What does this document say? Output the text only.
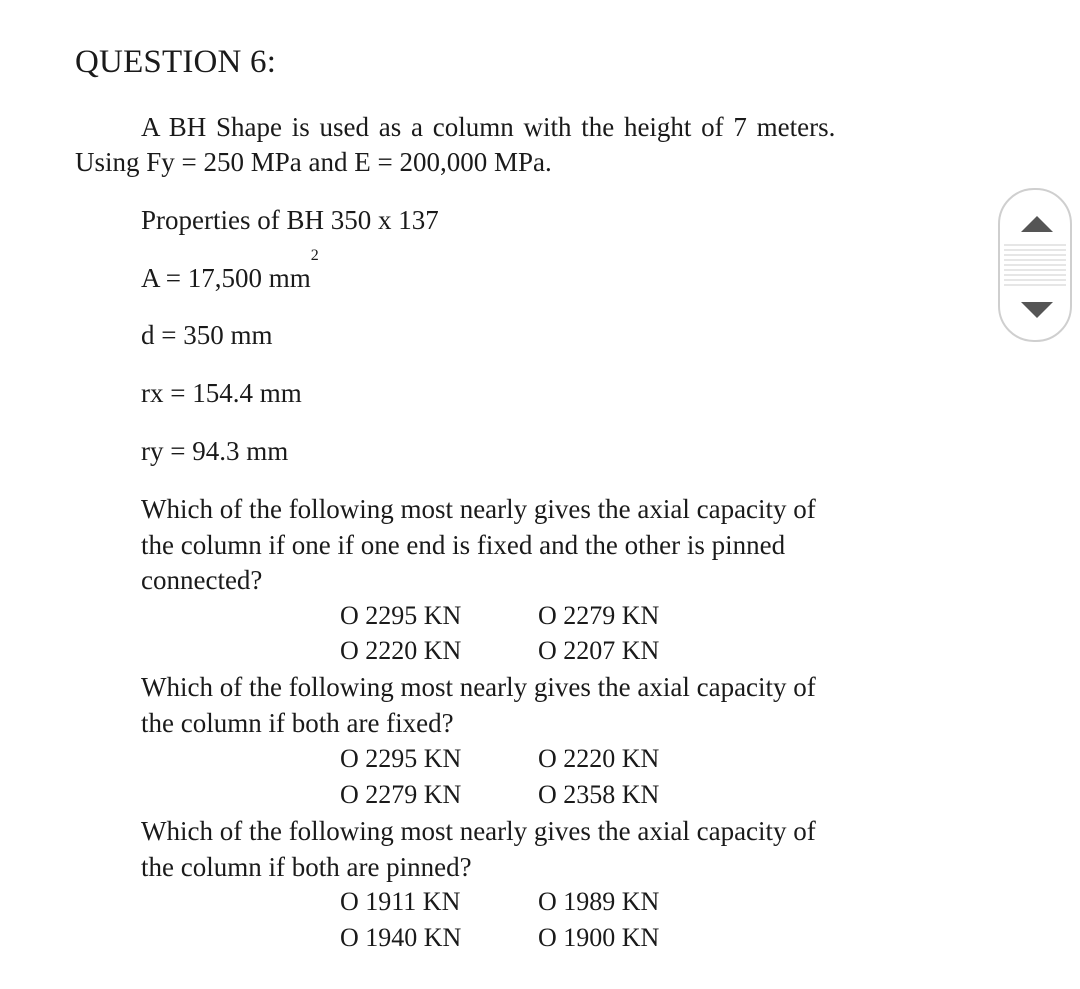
QUESTION 6:
A BH Shape is used as a column with the height of 7 meters.
Using Fy = 250 MPa and E = 200,000 MPa.
Properties of BH 350 x 137
A = 17,500 $mm^2$
d = 350 mm
rx = 154.4 mm
ry = 94.3 mm
Which of the following most nearly gives the axial capacity of
the column if one if one end is fixed and the other is pinned
connected?
O 2295 KN	O 2279 KN
O 2220 KN	O 2207 KN
Which of the following most nearly gives the axial capacity of
the column if both are fixed?
O 2295 KN	O 2220 KN
O 2279 KN	O 2358 KN
Which of the following most nearly gives the axial capacity of
the column if both are pinned?
O 1911 KN	O 1989 KN
O 1940 KN	O 1900 KN
